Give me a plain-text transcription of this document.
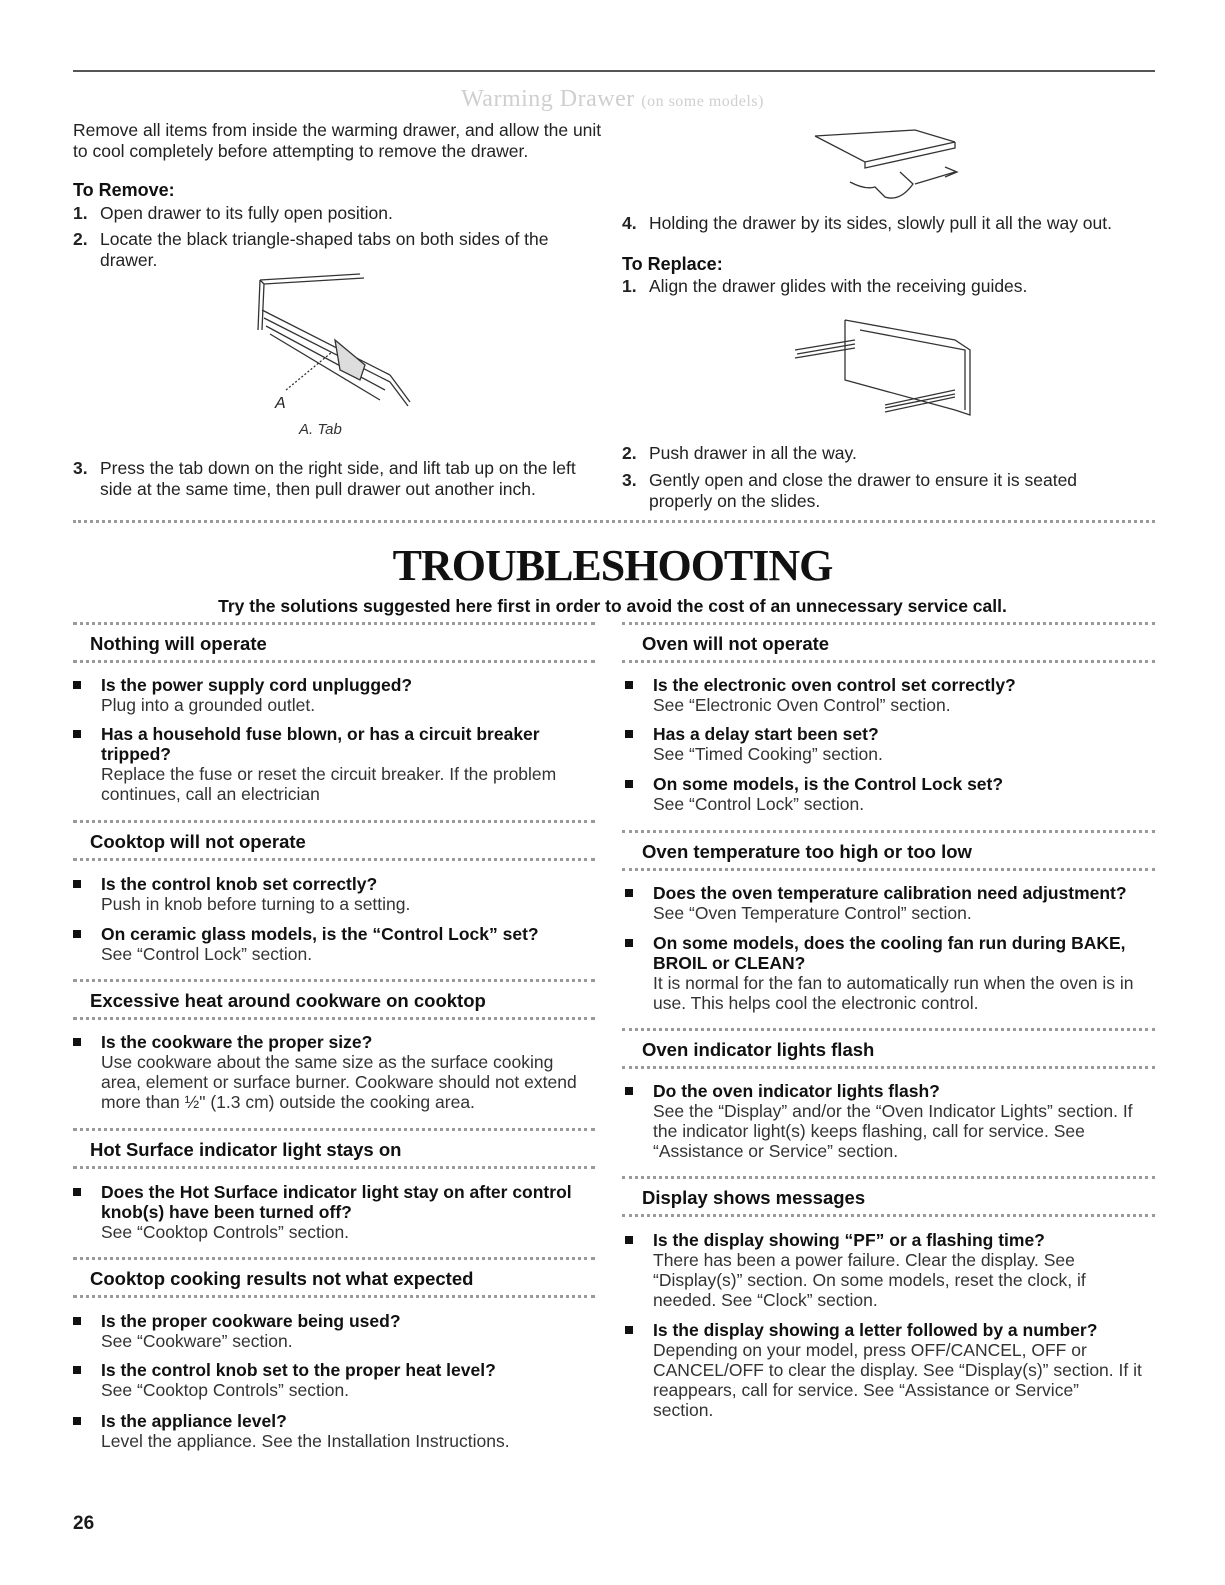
Warming Drawer (on some models)
Remove all items from inside the warming drawer, and allow the unit to cool completely before attempting to remove the drawer.
To Remove:
1. Open drawer to its fully open position.
2. Locate the black triangle-shaped tabs on both sides of the drawer.
A
A. Tab
3. Press the tab down on the right side, and lift tab up on the left side at the same time, then pull drawer out another inch.
4. Holding the drawer by its sides, slowly pull it all the way out.
To Replace:
1. Align the drawer glides with the receiving guides.
2. Push drawer in all the way.
3. Gently open and close the drawer to ensure it is seated properly on the slides.
TROUBLESHOOTING
Try the solutions suggested here first in order to avoid the cost of an unnecessary service call.
Nothing will operate
Is the power supply cord unplugged?
Plug into a grounded outlet.
Has a household fuse blown, or has a circuit breaker tripped?
Replace the fuse or reset the circuit breaker. If the problem continues, call an electrician
Cooktop will not operate
Is the control knob set correctly?
Push in knob before turning to a setting.
On ceramic glass models, is the “Control Lock” set?
See “Control Lock” section.
Excessive heat around cookware on cooktop
Is the cookware the proper size?
Use cookware about the same size as the surface cooking area, element or surface burner. Cookware should not extend more than ½" (1.3 cm) outside the cooking area.
Hot Surface indicator light stays on
Does the Hot Surface indicator light stay on after control knob(s) have been turned off?
See “Cooktop Controls” section.
Cooktop cooking results not what expected
Is the proper cookware being used?
See “Cookware” section.
Is the control knob set to the proper heat level?
See “Cooktop Controls” section.
Is the appliance level?
Level the appliance. See the Installation Instructions.
Oven will not operate
Is the electronic oven control set correctly?
See “Electronic Oven Control” section.
Has a delay start been set?
See “Timed Cooking” section.
On some models, is the Control Lock set?
See “Control Lock” section.
Oven temperature too high or too low
Does the oven temperature calibration need adjustment?
See “Oven Temperature Control” section.
On some models, does the cooling fan run during BAKE, BROIL or CLEAN?
It is normal for the fan to automatically run when the oven is in use. This helps cool the electronic control.
Oven indicator lights flash
Do the oven indicator lights flash?
See the “Display” and/or the “Oven Indicator Lights” section. If the indicator light(s) keeps flashing, call for service. See “Assistance or Service” section.
Display shows messages
Is the display showing “PF” or a flashing time?
There has been a power failure. Clear the display. See “Display(s)” section. On some models, reset the clock, if needed. See “Clock” section.
Is the display showing a letter followed by a number?
Depending on your model, press OFF/CANCEL, OFF or CANCEL/OFF to clear the display. See “Display(s)” section. If it reappears, call for service. See “Assistance or Service” section.
26
